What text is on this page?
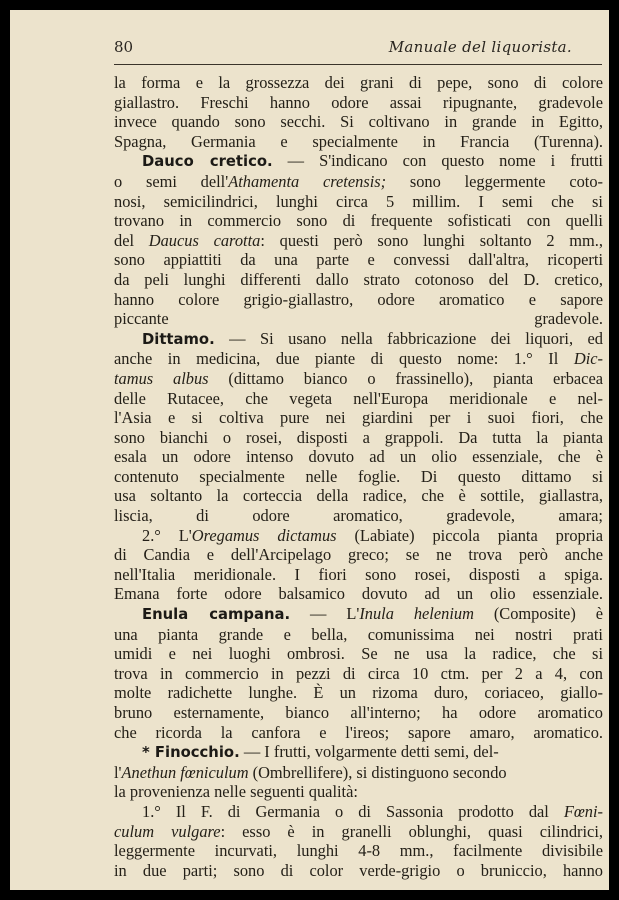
80	Manuale del liquorista.

la forma e la grossezza dei grani di pepe, sono di colore
giallastro. Freschi hanno odore assai ripugnante, gradevole
invece quando sono secchi. Si coltivano in grande in Egitto,
Spagna, Germania e specialmente in Francia (Turenna).

Dauco cretico. — S'indicano con questo nome i frutti
o semi dell'Athamenta cretensis; sono leggermente coto-
nosi, semicilindrici, lunghi circa 5 millim. I semi che si
trovano in commercio sono di frequente sofisticati con quelli
del Daucus carotta: questi però sono lunghi soltanto 2 mm.,
sono appiattiti da una parte e convessi dall'altra, ricoperti
da peli lunghi differenti dallo strato cotonoso del D. cretico,
hanno colore grigio-giallastro, odore aromatico e sapore
piccante gradevole.

Dittamo. — Si usano nella fabbricazione dei liquori, ed
anche in medicina, due piante di questo nome: 1.° Il Dic-
tamus albus (dittamo bianco o frassinello), pianta erbacea
delle Rutacee, che vegeta nell'Europa meridionale e nel-
l'Asia e si coltiva pure nei giardini per i suoi fiori, che
sono bianchi o rosei, disposti a grappoli. Da tutta la pianta
esala un odore intenso dovuto ad un olio essenziale, che è
contenuto specialmente nelle foglie. Di questo dittamo si
usa soltanto la corteccia della radice, che è sottile, giallastra,
liscia, di odore aromatico, gradevole, amara;

2.° L'Oregamus dictamus (Labiate) piccola pianta propria
di Candia e dell'Arcipelago greco; se ne trova però anche
nell'Italia meridionale. I fiori sono rosei, disposti a spiga.
Emana forte odore balsamico dovuto ad un olio essenziale.

Enula campana. — L'Inula helenium (Composite) è
una pianta grande e bella, comunissima nei nostri prati
umidi e nei luoghi ombrosi. Se ne usa la radice, che si
trova in commercio in pezzi di circa 10 ctm. per 2 a 4, con
molte radichette lunghe. È un rizoma duro, coriaceo, giallo-
bruno esternamente, bianco all'interno; ha odore aromatico
che ricorda la canfora e l'ireos; sapore amaro, aromatico.

* Finocchio. — I frutti, volgarmente detti semi, del-
l'Anethun fœniculum (Ombrellifere), si distinguono secondo
la provenienza nelle seguenti qualità:

1.° Il F. di Germania o di Sassonia prodotto dal Fœni-
culum vulgare: esso è in granelli oblunghi, quasi cilindrici,
leggermente incurvati, lunghi 4-8 mm., facilmente divisibile
in due parti; sono di color verde-grigio o bruniccio, hanno
